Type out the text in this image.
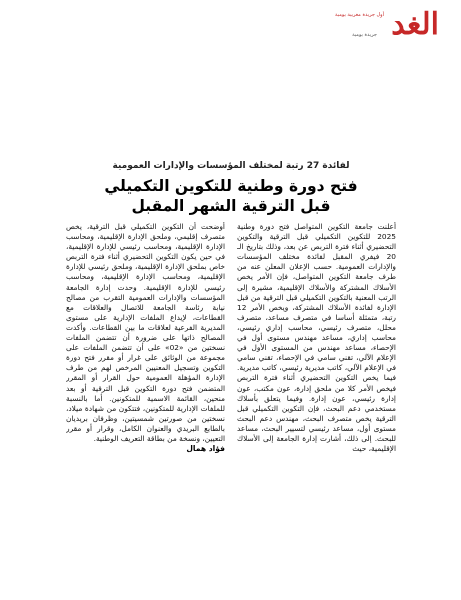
الغد
أول جريدة مغربية يومية
جريدة يومية

لفائدة 27 رتبة لمختلف المؤسسات والإدارات العمومية

فتح دورة وطنية للتكوين التكميلي
قبل الترقية الشهر المقبل

أعلنت جامعة التكوين المتواصل فتح دورة وطنية 2025 للتكوين التكميلي قبل الترقية والتكوين التحضيري أثناء فترة التربص عن بعد، وذلك بتاريخ الـ 20 فيفري المقبل لفائدة مختلف المؤسسات والإدارات العمومية. حسب الإعلان المعلن عنه من طرف جامعة التكوين المتواصل، فإن الأمر يخص الأسلاك المشتركة والأسلاك الإقليمية، مشيرة إلى الرتب المعنية بالتكوين التكميلي قبل الترقية من قبل الإدارة لفائدة الأسلاك المشتركة، ويخص الأمر 12 رتبة، متمثلة أساسا في متصرف مساعد، متصرف محلل، متصرف رئيسي، محاسب إداري رئيسي، محاسب إداري، مساعد مهندس مستوى أول في الإحصاء، مساعد مهندس من المستوى الأول في الإعلام الآلي، تقني سامي في الإحصاء، تقني سامي في الإعلام الآلي، كاتب مديرية رئيسي، كاتب مديرية. فيما يخص التكوين التحضيري أثناء فترة التربص فيخص الأمر كلا من ملحق إدارة، عون مكتب، عون إدارة رئيسي، عون إدارة. وفيما يتعلق بأسلاك مستخدمي دعم البحث، فإن التكوين التكميلي قبل الترقية يخص متصرف البحث، مهندس دعم البحث مستوى أول، مساعد رئيسي لتسيير البحث، مساعد للبحث. إلى ذلك، أشارت إدارة الجامعة إلى الأسلاك الإقليمية، حيث

أوضحت أن التكوين التكميلي قبل الترقية، يخص متصرف إقليمي، وملحق الإدارة الإقليمية، ومحاسب الإدارة الإقليمية، ومحاسب رئيسي للإدارة الإقليمية، في حين يكون التكوين التحضيري أثناء فترة التربص خاص بملحق الإدارة الإقليمية، وملحق رئيسي للإدارة الإقليمية، ومحاسب الإدارة الإقليمية، ومحاسب رئيسي للإدارة الإقليمية. وحدت إدارة الجامعة المؤسسات والإدارات العمومية التقرب من مصالح نيابة رئاسة الجامعة للاتصال والعلاقات مع القطاعات، لإيداع الملفات الإدارية على مستوى المديرية الفرعية لعلاقات ما بين القطاعات. وأكدت المصالح ذاتها على ضرورة أن تتضمن الملفات نسختين من «02» على أن تتضمن الملفات على مجموعة من الوثائق على غرار أو مقرر فتح دورة التكوين وتسجيل المعنيين المرخص لهم من طرف الإدارة المؤهلة العمومية حول القرار أو المقرر المتضمن فتح دورة التكوين قبل الترقية أو بعد منحين، القائمة الاسمية للمتكونين. أما بالنسبة للملفات الإدارية للمتكونين، فتتكون من شهادة ميلاد، نسختين من صورتين شمسيتين، وظرفان بريديان بالطابع البريدي والعنوان الكامل، وقرار أو مقرر التعيين، ونسخة من بطاقة التعريف الوطنية.

فؤاد همال
